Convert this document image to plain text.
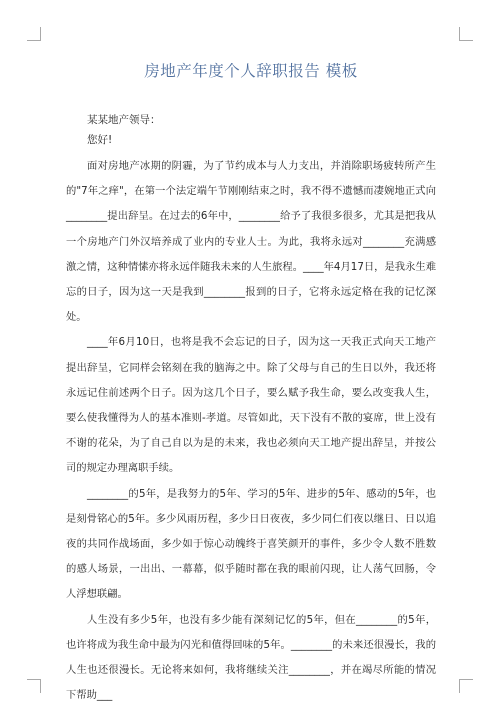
房地产年度个人辞职报告 模板

某某地产领导：

您好!

面对房地产冰期的阴霾，为了节约成本与人力支出，并消除职场疲转所产生的"7年之痒"，在第一个法定端午节刚刚结束之时，我不得不遗憾而凄婉地正式向________提出辞呈。在过去的6年中，________给予了我很多很多，尤其是把我从一个房地产门外汉培养成了业内的专业人士。为此，我将永远对________充满感激之情，这种情愫亦将永远伴随我未来的人生旅程。____年4月17日，是我永生难忘的日子，因为这一天是我到________报到的日子，它将永远定格在我的记忆深处。

____年6月10日，也将是我不会忘记的日子，因为这一天我正式向天工地产提出辞呈，它同样会铭刻在我的脑海之中。除了父母与自己的生日以外，我还将永远记住前述两个日子。因为这几个日子，要么赋予我生命，要么改变我人生，要么使我懂得为人的基本准则-孝道。尽管如此，天下没有不散的宴席，世上没有不谢的花朵，为了自己自以为是的未来，我也必须向天工地产提出辞呈，并按公司的规定办理离职手续。

________的5年，是我努力的5年、学习的5年、进步的5年、感动的5年，也是刻骨铭心的5年。多少风雨历程，多少日日夜夜，多少同仁们夜以继日、日以追夜的共同作战场面，多少如于惊心动魄终于喜笑颜开的事件，多少令人数不胜数的感人场景，一出出、一幕幕，似乎随时都在我的眼前闪现，让人荡气回肠，令人浮想联翩。

人生没有多少5年，也没有多少能有深刻记忆的5年，但在________的5年，也许将成为我生命中最为闪光和值得回味的5年。________的未来还很漫长，我的人生也还很漫长。无论将来如何，我将继续关注________，并在竭尽所能的情况下帮助___
